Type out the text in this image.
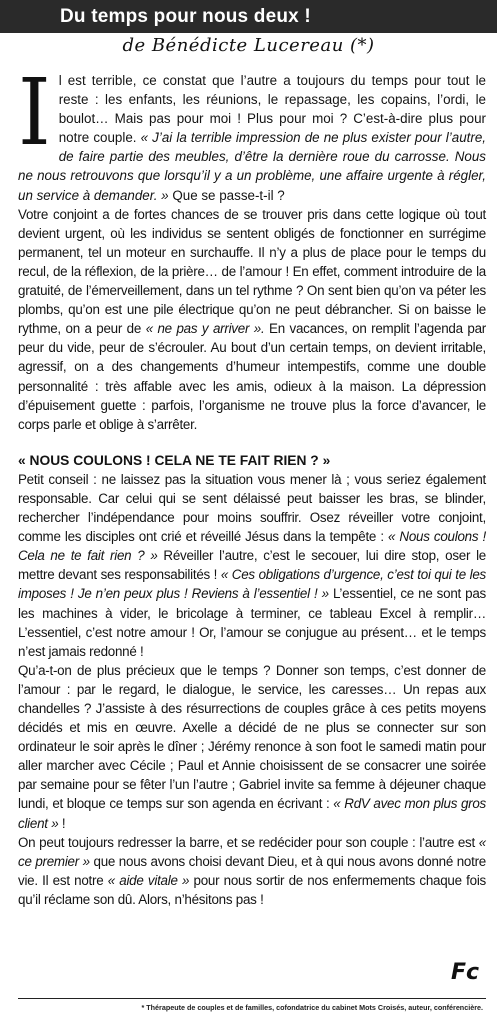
Du temps pour nous deux !
de Bénédicte Lucereau (*)

Il est terrible, ce constat que l’autre a toujours du temps pour tout le reste : les enfants, les réunions, le repassage, les copains, l’ordi, le boulot… Mais pas pour moi ! Plus pour moi ? C’est-à-dire plus pour notre couple. « J’ai la terrible impression de ne plus exister pour l’autre, de faire partie des meubles, d’être la dernière roue du carrosse. Nous ne nous retrouvons que lorsqu’il y a un problème, une affaire urgente à régler, un service à demander. » Que se passe-t-il ?

Votre conjoint a de fortes chances de se trouver pris dans cette logique où tout devient urgent, où les individus se sentent obligés de fonctionner en surrégime permanent, tel un moteur en surchauffe. Il n’y a plus de place pour le temps du recul, de la réflexion, de la prière… de l’amour ! En effet, comment introduire de la gratuité, de l’émerveillement, dans un tel rythme ? On sent bien qu’on va péter les plombs, qu’on est une pile électrique qu’on ne peut débrancher. Si on baisse le rythme, on a peur de « ne pas y arriver ». En vacances, on remplit l’agenda par peur du vide, peur de s’écrouler. Au bout d’un certain temps, on devient irritable, agressif, on a des changements d’humeur intempestifs, comme une double personnalité : très affable avec les amis, odieux à la maison. La dépression d’épuisement guette : parfois, l’organisme ne trouve plus la force d’avancer, le corps parle et oblige à s’arrêter.

« NOUS COULONS ! CELA NE TE FAIT RIEN ? »

Petit conseil : ne laissez pas la situation vous mener là ; vous seriez également responsable. Car celui qui se sent délaissé peut baisser les bras, se blinder, rechercher l’indépendance pour moins souffrir. Osez réveiller votre conjoint, comme les disciples ont crié et réveillé Jésus dans la tempête : « Nous coulons ! Cela ne te fait rien ? » Réveiller l’autre, c’est le secouer, lui dire stop, oser le mettre devant ses responsabilités ! « Ces obligations d’urgence, c’est toi qui te les imposes ! Je n’en peux plus ! Reviens à l’essentiel ! » L’essentiel, ce ne sont pas les machines à vider, le bricolage à terminer, ce tableau Excel à remplir… L’essentiel, c’est notre amour ! Or, l’amour se conjugue au présent… et le temps n’est jamais redonné !

Qu’a-t-on de plus précieux que le temps ? Donner son temps, c’est donner de l’amour : par le regard, le dialogue, le service, les caresses… Un repas aux chandelles ? J’assiste à des résurrections de couples grâce à ces petits moyens décidés et mis en œuvre. Axelle a décidé de ne plus se connecter sur son ordinateur le soir après le dîner ; Jérémy renonce à son foot le samedi matin pour aller marcher avec Cécile ; Paul et Annie choisissent de se consacrer une soirée par semaine pour se fêter l’un l’autre ; Gabriel invite sa femme à déjeuner chaque lundi, et bloque ce temps sur son agenda en écrivant : « RdV avec mon plus gros client » !

On peut toujours redresser la barre, et se redécider pour son couple : l’autre est « ce premier » que nous avons choisi devant Dieu, et à qui nous avons donné notre vie. Il est notre « aide vitale » pour nous sortir de nos enfermements chaque fois qu’il réclame son dû. Alors, n’hésitons pas !

Fc
* Thérapeute de couples et de familles, cofondatrice du cabinet Mots Croisés, auteur, conférencière.
